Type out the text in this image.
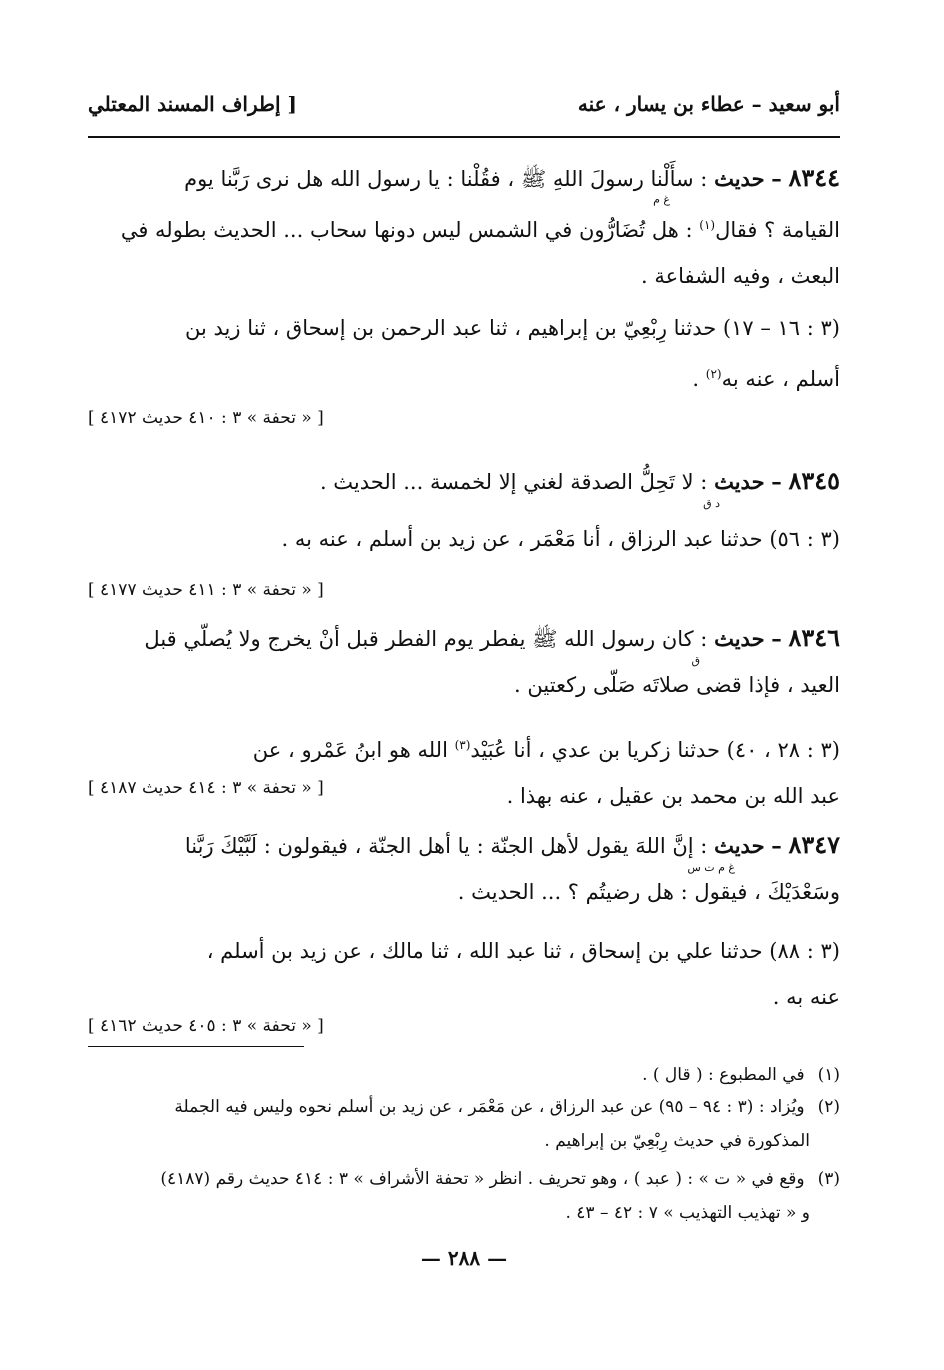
أبو سعيد – عطاء بن يسار ، عنه
[ إطراف المسند المعتلي
٨٣٤٤ – حديث : سأَلْنا رسولَ اللهِ ﷺ ، فقُلْنا : يا رسول الله هل نرى رَبَّنا يوم
القيامة ؟ فقال$^{(١)}$
غ م
: هل تُضَارُّون في الشمس ليس دونها سحاب ... الحديث بطوله في
البعث ، وفيه الشفاعة .
(٣ : ١٦ – ١٧) حدثنا رِبْعِيّ بن إبراهيم ، ثنا عبد الرحمن بن إسحاق ، ثنا زيد بن
أسلم ، عنه به$^{(٢)}$ .
[ « تحفة » ٣ : ٤١٠ حديث ٤١٧٢ ]
٨٣٤٥ – حديث : لا تَحِلُّ الصدقة لغني إلا لخمسة ... الحديث .
د ق
(٣ : ٥٦) حدثنا عبد الرزاق ، أنا مَعْمَر ، عن زيد بن أسلم ، عنه به .
[ « تحفة » ٣ : ٤١١ حديث ٤١٧٧ ]
٨٣٤٦ – حديث : كان رسول الله ﷺ يفطر يوم الفطر قبل أنْ يخرج ولا يُصلّي قبل
ق
العيد ، فإذا قضى صلاتَه صَلّى ركعتين .
(٣ : ٢٨ ، ٤٠) حدثنا زكريا بن عدي ، أنا عُبَيْد$^{(٣)}$ الله هو ابنُ عَمْرو ، عن
عبد الله بن محمد بن عقيل ، عنه بهذا .
[ « تحفة » ٣ : ٤١٤ حديث ٤١٨٧ ]
٨٣٤٧ – حديث : إنَّ اللهَ يقول لأهل الجنّة : يا أهل الجنّة ، فيقولون : لَبَّيْكَ رَبَّنا
غ م ت س
وسَعْدَيْكَ ، فيقول : هل رضيتُم ؟ ... الحديث .
(٣ : ٨٨) حدثنا علي بن إسحاق ، ثنا عبد الله ، ثنا مالك ، عن زيد بن أسلم ،
عنه به .
[ « تحفة » ٣ : ٤٠٥ حديث ٤١٦٢ ]
(١) في المطبوع : ( قال ) .
(٢) ويُزاد : (٣ : ٩٤ – ٩٥) عن عبد الرزاق ، عن مَعْمَر ، عن زيد بن أسلم نحوه وليس فيه الجملة
المذكورة في حديث رِبْعِيّ بن إبراهيم .
(٣) وقع في « ت » : ( عبد ) ، وهو تحريف . انظر « تحفة الأشراف » ٣ : ٤١٤ حديث رقم (٤١٨٧)
و « تهذيب التهذيب » ٧ : ٤٢ – ٤٣ .
— ٢٨٨ —
